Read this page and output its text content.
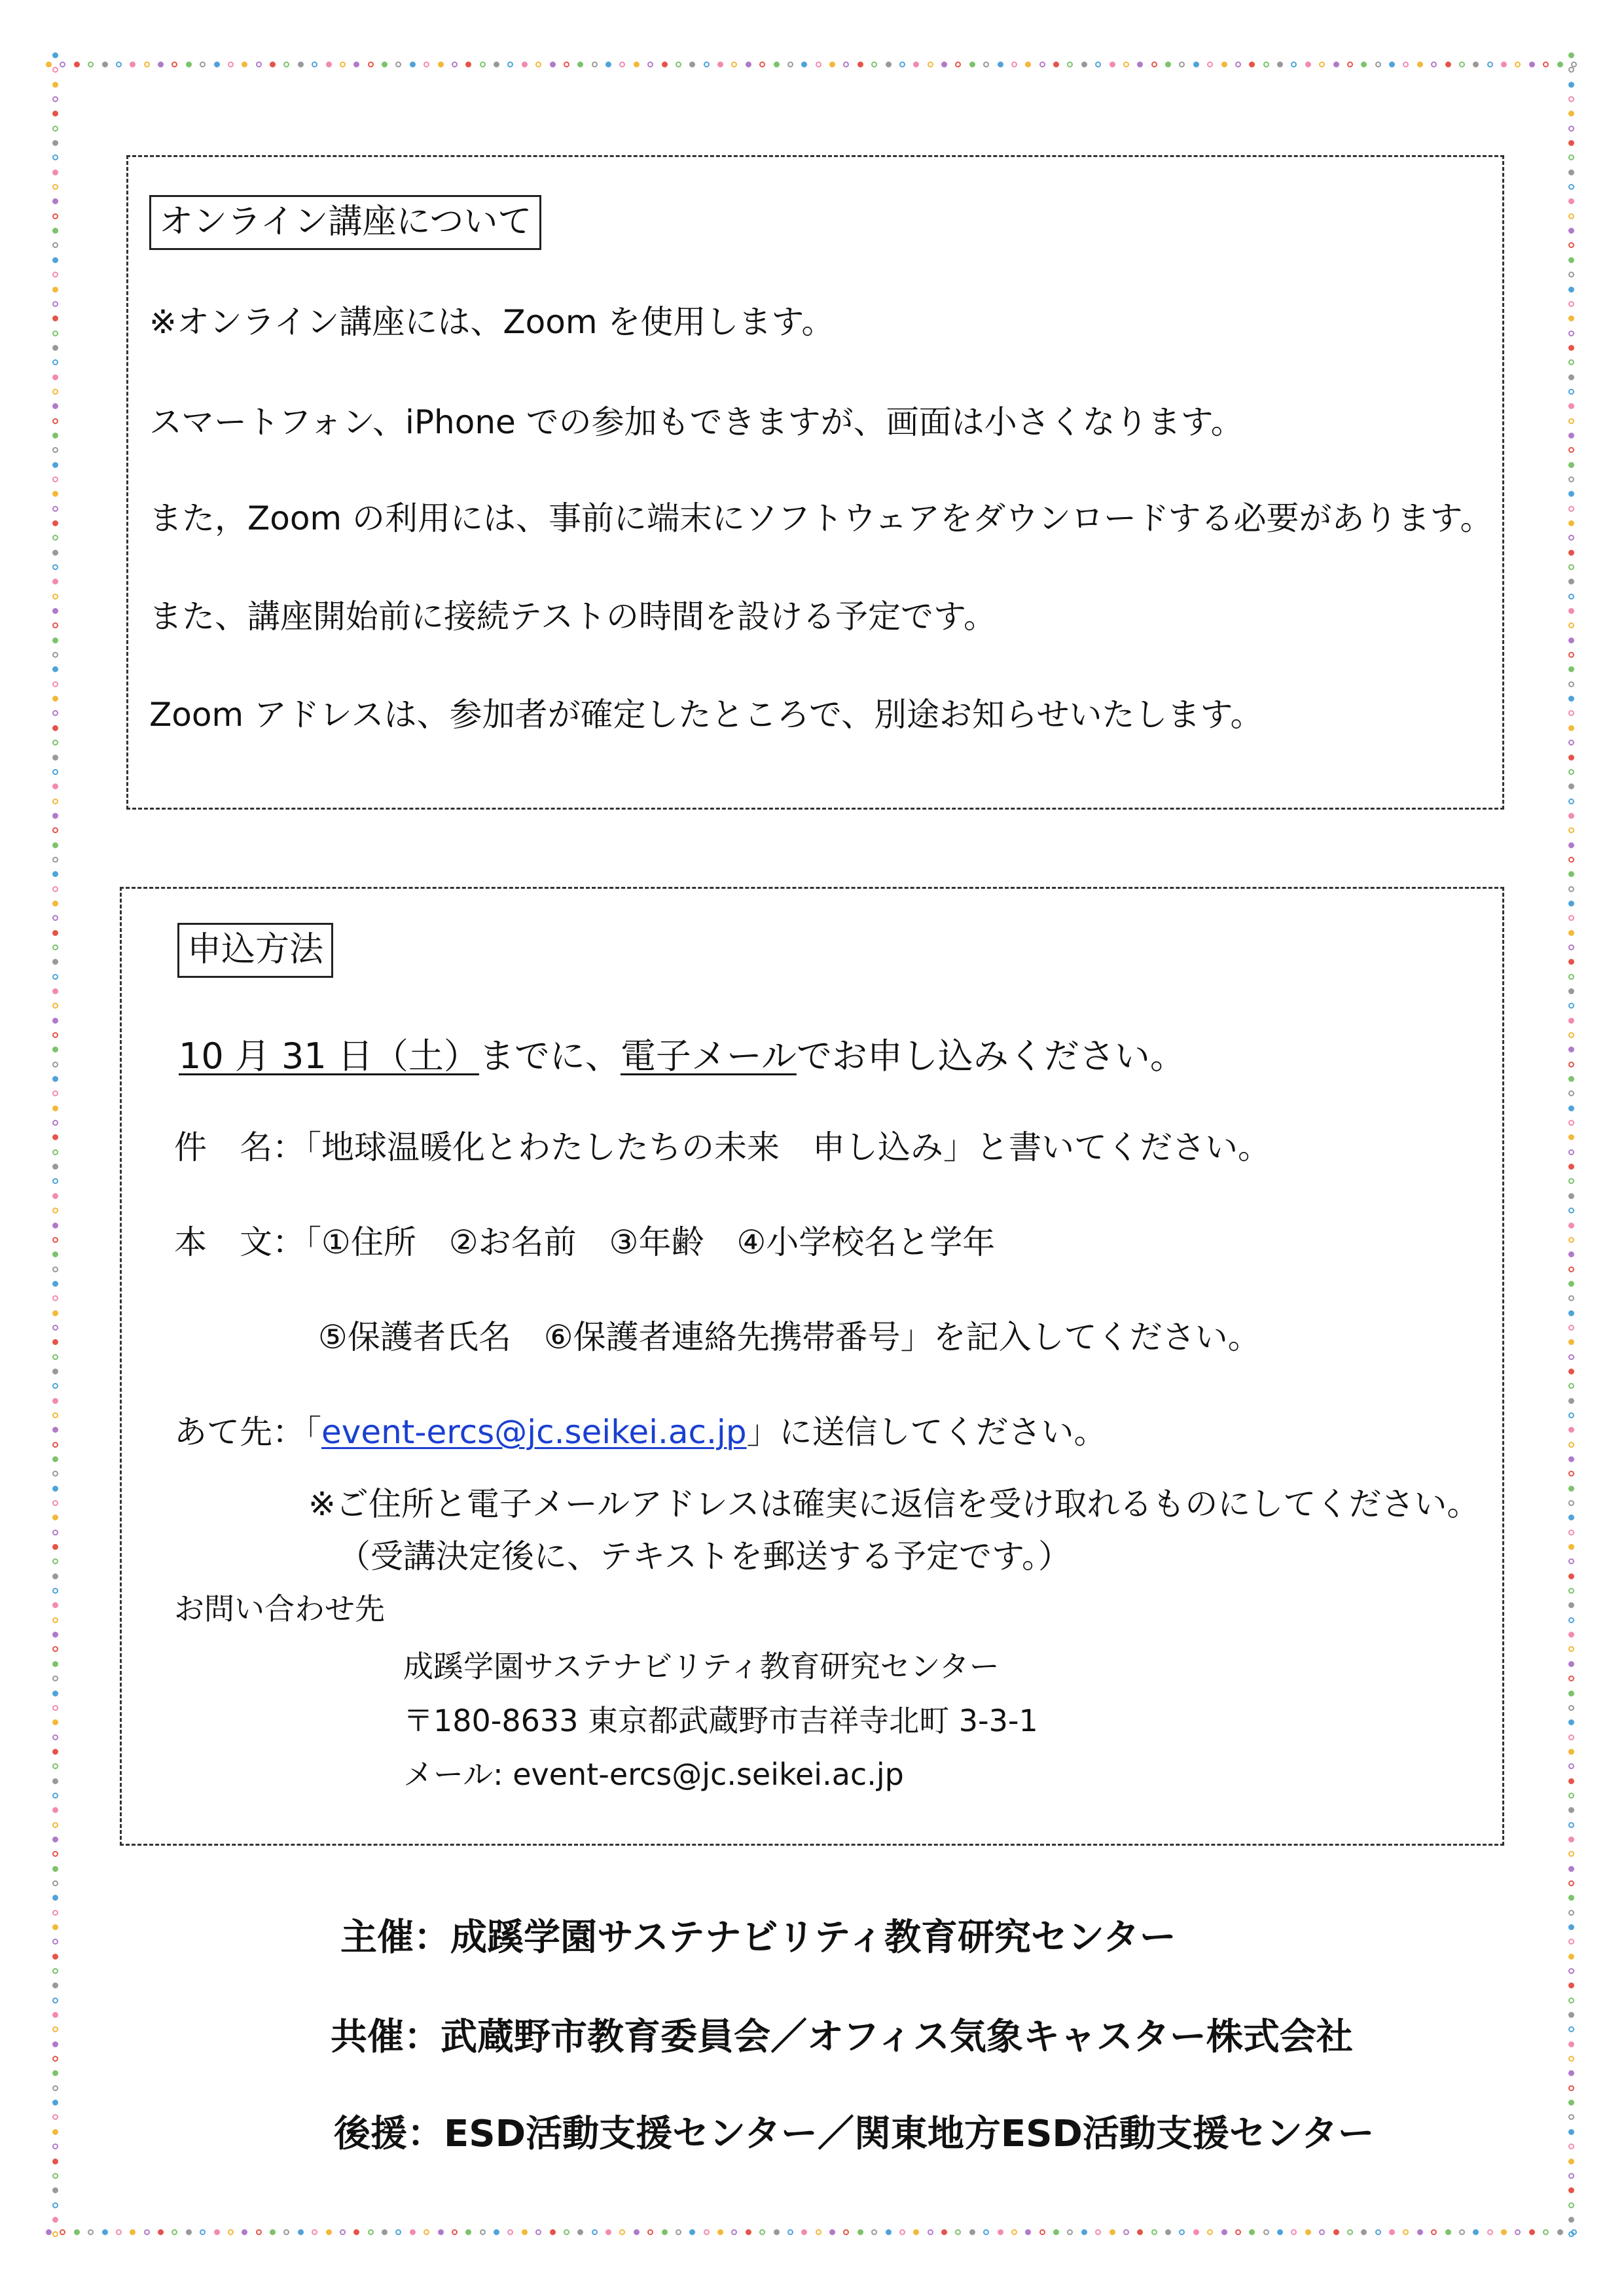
オンライン講座について
※オンライン講座には、Zoom を使用します。
スマートフォン、iPhone での参加もできますが、画面は小さくなります。
また，Zoom の利用には、事前に端末にソフトウェアをダウンロードする必要があります。
また、講座開始前に接続テストの時間を設ける予定です。
Zoom アドレスは、参加者が確定したところで、別途お知らせいたします。
申込方法
10 月 31 日（土）までに、電子メールでお申し込みください。
件　名：「地球温暖化とわたしたちの未来　申し込み」と書いてください。
本　文：「①住所　②お名前　③年齢　④小学校名と学年
⑤保護者氏名　⑥保護者連絡先携帯番号」を記入してください。
あて先：「event-ercs@jc.seikei.ac.jp」に送信してください。
※ご住所と電子メールアドレスは確実に返信を受け取れるものにしてください。
（受講決定後に、テキストを郵送する予定です。）
お問い合わせ先
成蹊学園サステナビリティ教育研究センター
〒180-8633 東京都武蔵野市吉祥寺北町 3-3-1
メール: event-ercs@jc.seikei.ac.jp
主催：成蹊学園サステナビリティ教育研究センター
共催：武蔵野市教育委員会／オフィス気象キャスター株式会社
後援：ESD活動支援センター／関東地方ESD活動支援センター
